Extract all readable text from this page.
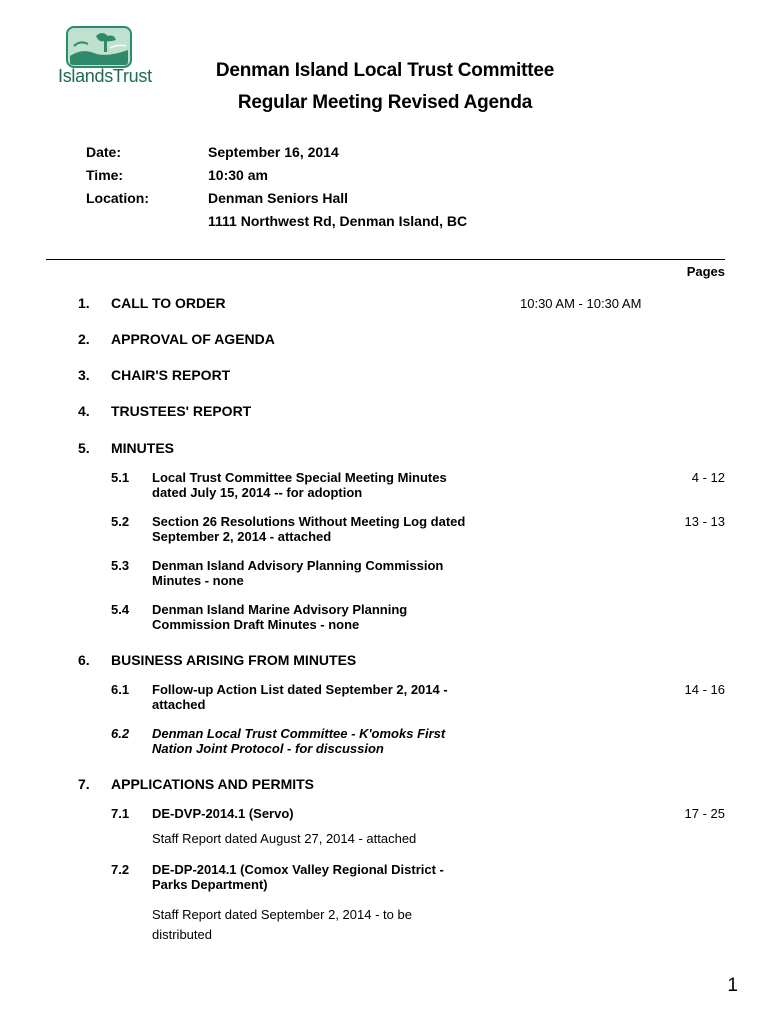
IslandsTrust	Denman Island Local Trust Committee
Regular Meeting Revised Agenda
Date:	September 16, 2014
Time:	10:30 am
Location:	Denman Seniors Hall
1111 Northwest Rd, Denman Island, BC
Pages
1. CALL TO ORDER	10:30 AM - 10:30 AM
2. APPROVAL OF AGENDA
3. CHAIR'S REPORT
4. TRUSTEES' REPORT
5. MINUTES
5.1 Local Trust Committee Special Meeting Minutes
dated July 15, 2014 -- for adoption
4 - 12
5.2 Section 26 Resolutions Without Meeting Log dated
September 2, 2014 - attached
13 - 13
5.3 Denman Island Advisory Planning Commission
Minutes - none
5.4 Denman Island Marine Advisory Planning
Commission Draft Minutes - none
6. BUSINESS ARISING FROM MINUTES
6.1 Follow-up Action List dated September 2, 2014 -
attached
14 - 16
6.2 Denman Local Trust Committee - K'omoks First
Nation Joint Protocol - for discussion
7. APPLICATIONS AND PERMITS
7.1 DE-DVP-2014.1 (Servo)	17 - 25
Staff Report dated August 27, 2014 - attached
7.2 DE-DP-2014.1 (Comox Valley Regional District -
Parks Department)
Staff Report dated September 2, 2014 - to be
distributed
1
